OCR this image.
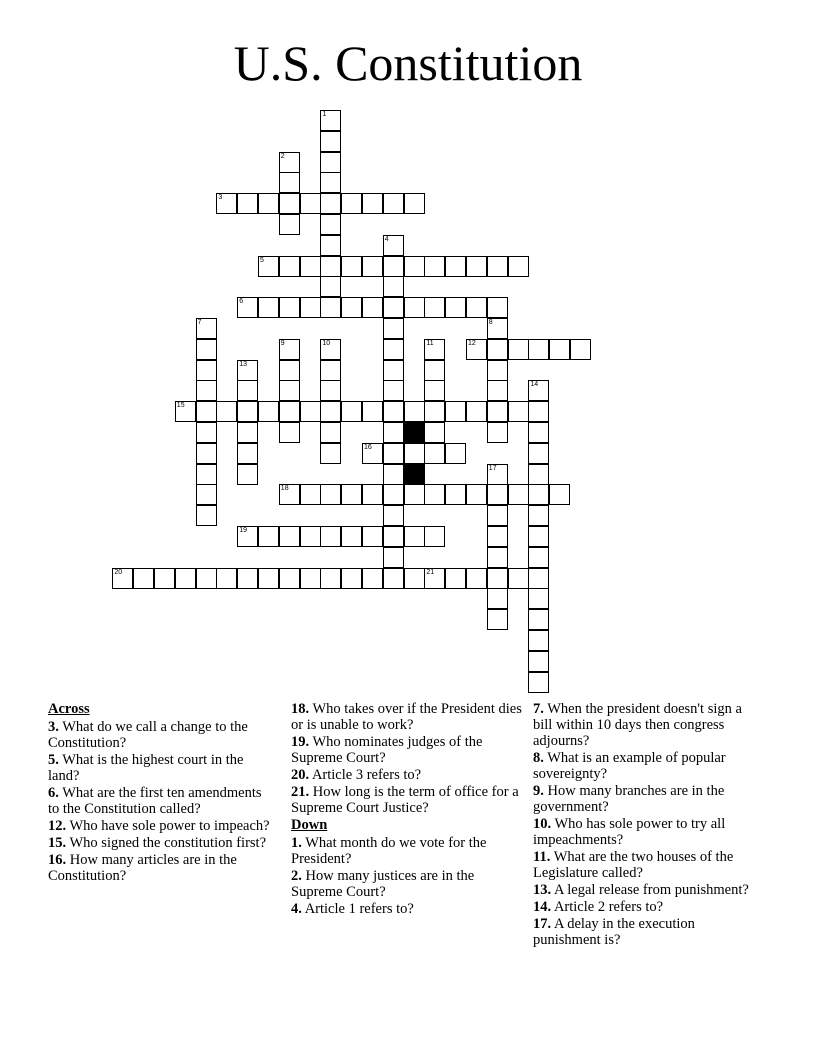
U.S. Constitution
3
5
6
12
15
16
18
19
20	21
1
2
4
7	8
9	10	11
13
14
17
Across
3. What do we call a change to the Constitution?
5. What is the highest court in the land?
6. What are the first ten amendments to the Constitution called?
12. Who have sole power to impeach?
15. Who signed the constitution first?
16. How many articles are in the Constitution?
18. Who takes over if the President dies or is unable to work?
19. Who nominates judges of the Supreme Court?
20. Article 3 refers to?
21. How long is the term of office for a Supreme Court Justice?
Down
1. What month do we vote for the President?
2. How many justices are in the Supreme Court?
4. Article 1 refers to?
7. When the president doesn't sign a bill within 10 days then congress adjourns?
8. What is an example of popular sovereignty?
9. How many branches are in the government?
10. Who has sole power to try all impeachments?
11. What are the two houses of the Legislature called?
13. A legal release from punishment?
14. Article 2 refers to?
17. A delay in the execution punishment is?
